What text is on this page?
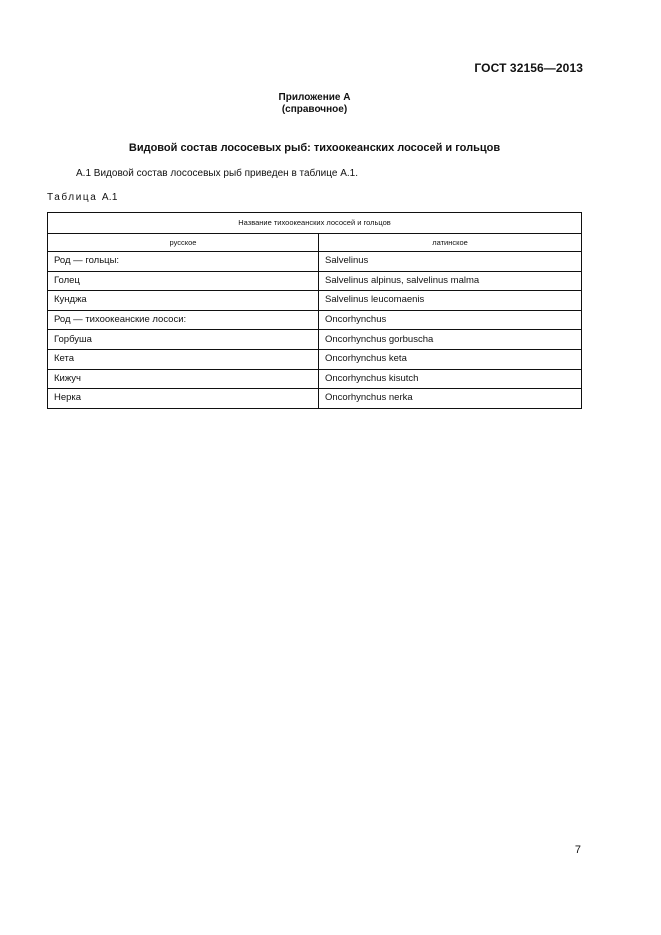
ГОСТ 32156—2013
Приложение А
(справочное)
Видовой состав лососевых рыб: тихоокеанских лососей и гольцов
А.1 Видовой состав лососевых рыб приведен в таблице А.1.
Таблица А.1
Название тихоокеанских лососей и гольцов	
русское	латинское
Род — гольцы:	Salvelinus
Голец	Salvelinus alpinus, salvelinus malma
Кунджа	Salvelinus leucomaenis
Род — тихоокеанские лососи:	Oncorhynchus
Горбуша	Oncorhynchus gorbuscha
Кета	Oncorhynchus keta
Кижуч	Oncorhynchus kisutch
Нерка	Oncorhynchus nerka
7
